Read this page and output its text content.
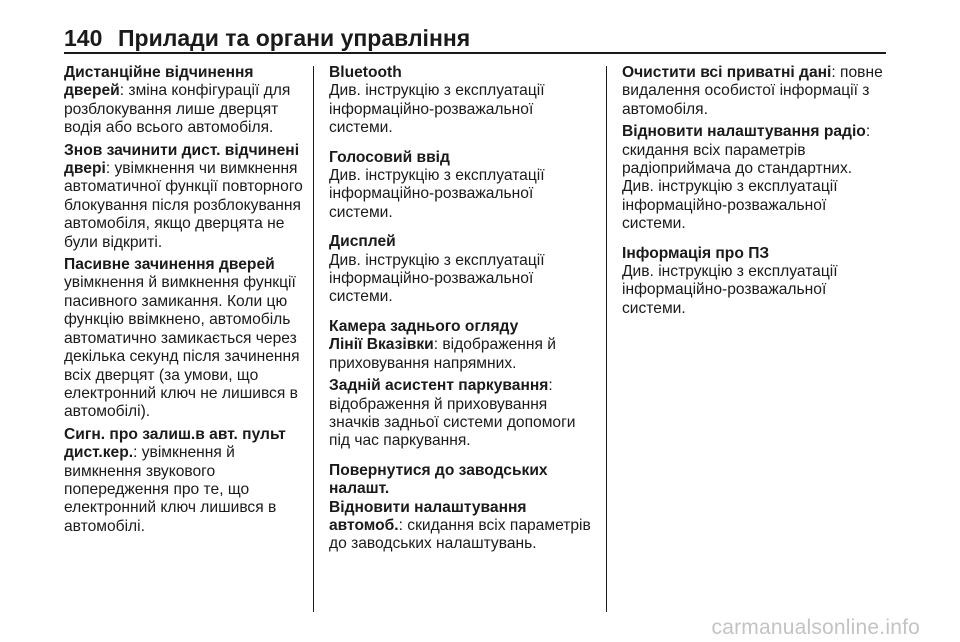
140 Прилади та органи управління

Дистанційне відчинення дверей: зміна конфігурації для розблокування лише дверцят водія або всього автомобіля.

Знов зачинити дист. відчинені двері: увімкнення чи вимкнення автоматичної функції повторного блокування після розблокування автомобіля, якщо дверцята не були відкриті.

Пасивне зачинення дверей
увімкнення й вимкнення функції пасивного замикання. Коли цю функцію ввімкнено, автомобіль автоматично замикається через декілька секунд після зачинення всіх дверцят (за умови, що електронний ключ не лишився в автомобілі).

Сигн. про залиш.в авт. пульт дист.кер.: увімкнення й вимкнення звукового попередження про те, що електронний ключ лишився в автомобілі.

Bluetooth
Див. інструкцію з експлуатації інформаційно-розважальної системи.

Голосовий ввід
Див. інструкцію з експлуатації інформаційно-розважальної системи.

Дисплей
Див. інструкцію з експлуатації інформаційно-розважальної системи.

Камера заднього огляду
Лінії Вказівки: відображення й приховування напрямних.

Задній асистент паркування: відображення й приховування значків задньої системи допомоги під час паркування.

Повернутися до заводських налашт.
Відновити налаштування автомоб.: скидання всіх параметрів до заводських налаштувань.

Очистити всі приватні дані: повне видалення особистої інформації з автомобіля.

Відновити налаштування радіо: скидання всіх параметрів радіоприймача до стандартних. Див. інструкцію з експлуатації інформаційно-розважальної системи.

Інформація про ПЗ
Див. інструкцію з експлуатації інформаційно-розважальної системи.

carmanualsonline.info
